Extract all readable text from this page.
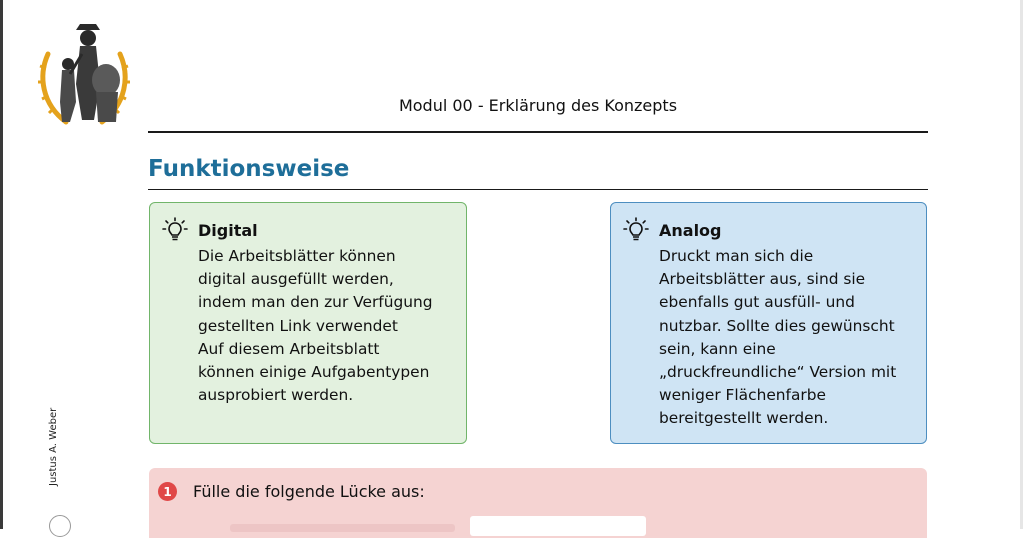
Modul 00 - Erklärung des Konzepts
Funktionsweise
Digital
Die Arbeitsblätter können
digital ausgefüllt werden,
indem man den zur Verfügung
gestellten Link verwendet
Auf diesem Arbeitsblatt
können einige Aufgabentypen
ausprobiert werden.
Analog
Druckt man sich die
Arbeitsblätter aus, sind sie
ebenfalls gut ausfüll- und
nutzbar. Sollte dies gewünscht
sein, kann eine
„druckfreundliche“ Version mit
weniger Flächenfarbe
bereitgestellt werden.
1	Fülle die folgende Lücke aus:
Justus A. Weber
